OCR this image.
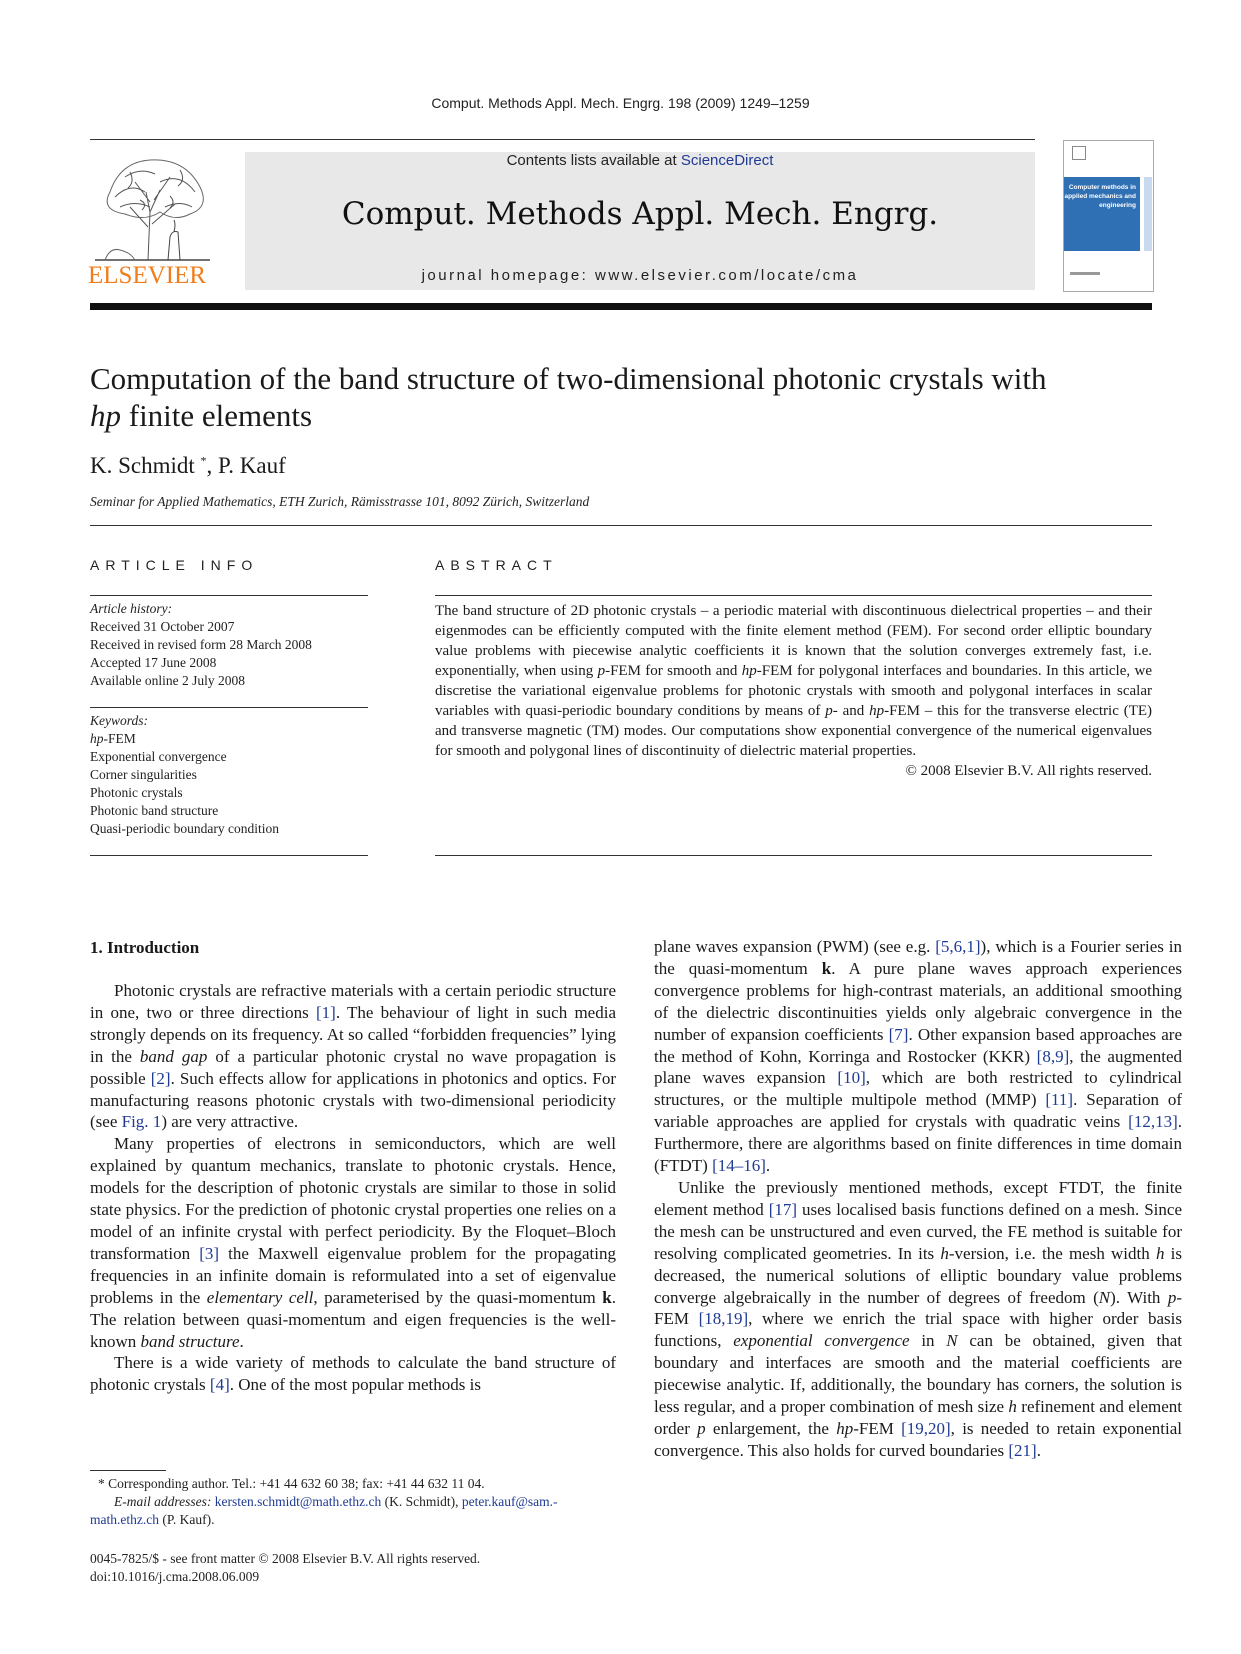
Comput. Methods Appl. Mech. Engrg. 198 (2009) 1249–1259
ELSEVIER
Contents lists available at ScienceDirect
Comput. Methods Appl. Mech. Engrg.
journal homepage: www.elsevier.com/locate/cma
Computer methods in applied mechanics and engineering
Computation of the band structure of two-dimensional photonic crystals with
hp finite elements
K. Schmidt *, P. Kauf
Seminar for Applied Mathematics, ETH Zurich, Rämisstrasse 101, 8092 Zürich, Switzerland
ARTICLE INFO	ABSTRACT
Article history:
Received 31 October 2007
Received in revised form 28 March 2008
Accepted 17 June 2008
Available online 2 July 2008
Keywords:
hp-FEM
Exponential convergence
Corner singularities
Photonic crystals
Photonic band structure
Quasi-periodic boundary condition
The band structure of 2D photonic crystals – a periodic material with discontinuous dielectrical properties – and their eigenmodes can be efficiently computed with the finite element method (FEM). For second order elliptic boundary value problems with piecewise analytic coefficients it is known that the solution converges extremely fast, i.e. exponentially, when using p-FEM for smooth and hp-FEM for polygonal interfaces and boundaries. In this article, we discretise the variational eigenvalue problems for photonic crystals with smooth and polygonal interfaces in scalar variables with quasi-periodic boundary conditions by means of p- and hp-FEM – this for the transverse electric (TE) and transverse magnetic (TM) modes. Our computations show exponential convergence of the numerical eigenvalues for smooth and polygonal lines of discontinuity of dielectric material properties.
© 2008 Elsevier B.V. All rights reserved.
1. Introduction

Photonic crystals are refractive materials with a certain periodic structure in one, two or three directions [1]. The behaviour of light in such media strongly depends on its frequency. At so called “forbidden frequencies” lying in the band gap of a particular photonic crystal no wave propagation is possible [2]. Such effects allow for applications in photonics and optics. For manufacturing reasons photonic crystals with two-dimensional periodicity (see Fig. 1) are very attractive.

Many properties of electrons in semiconductors, which are well explained by quantum mechanics, translate to photonic crystals. Hence, models for the description of photonic crystals are similar to those in solid state physics. For the prediction of photonic crystal properties one relies on a model of an infinite crystal with perfect periodicity. By the Floquet–Bloch transformation [3] the Maxwell eigenvalue problem for the propagating frequencies in an infinite domain is reformulated into a set of eigenvalue problems in the elementary cell, parameterised by the quasi-momentum k. The relation between quasi-momentum and eigen frequencies is the well-known band structure.

There is a wide variety of methods to calculate the band structure of photonic crystals [4]. One of the most popular methods is

plane waves expansion (PWM) (see e.g. [5,6,1]), which is a Fourier series in the quasi-momentum k. A pure plane waves approach experiences convergence problems for high-contrast materials, an additional smoothing of the dielectric discontinuities yields only algebraic convergence in the number of expansion coefficients [7]. Other expansion based approaches are the method of Kohn, Korringa and Rostocker (KKR) [8,9], the augmented plane waves expansion [10], which are both restricted to cylindrical structures, or the multiple multipole method (MMP) [11]. Separation of variable approaches are applied for crystals with quadratic veins [12,13]. Furthermore, there are algorithms based on finite differences in time domain (FTDT) [14–16].

Unlike the previously mentioned methods, except FTDT, the finite element method [17] uses localised basis functions defined on a mesh. Since the mesh can be unstructured and even curved, the FE method is suitable for resolving complicated geometries. In its h-version, i.e. the mesh width h is decreased, the numerical solutions of elliptic boundary value problems converge algebraically in the number of degrees of freedom (N). With p-FEM [18,19], where we enrich the trial space with higher order basis functions, exponential convergence in N can be obtained, given that boundary and interfaces are smooth and the material coefficients are piecewise analytic. If, additionally, the boundary has corners, the solution is less regular, and a proper combination of mesh size h refinement and element order p enlargement, the hp-FEM [19,20], is needed to retain exponential convergence. This also holds for curved boundaries [21].

* Corresponding author. Tel.: +41 44 632 60 38; fax: +41 44 632 11 04.
E-mail addresses: kersten.schmidt@math.ethz.ch (K. Schmidt), peter.kauf@sam.-
math.ethz.ch (P. Kauf).
0045-7825/$ - see front matter © 2008 Elsevier B.V. All rights reserved.
doi:10.1016/j.cma.2008.06.009
